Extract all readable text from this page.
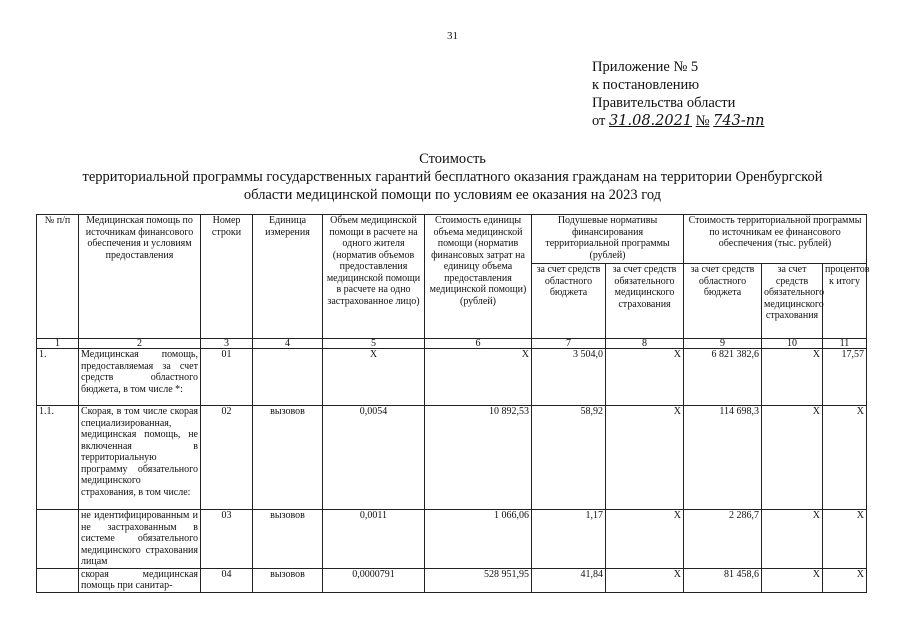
31
Приложение № 5
к постановлению
Правительства области
от 31.08.2021 № 743-пп
Стоимость
территориальной программы государственных гарантий бесплатного оказания гражданам на территории Оренбургской
области медицинской помощи по условиям ее оказания на 2023 год
№ п/п	Медицинская помощь по источникам финансового обеспечения и условиям предоставления	Номер строки	Единица измерения	Объем медицинской помощи в расчете на одного жителя (норматив объемов предоставления медицинской помощи в расчете на одно застрахованное лицо)	Стоимость единицы объема медицинской помощи (норматив финансовых затрат на единицу объема предоставления медицинской помощи) (рублей)	Подушевые нормативы финансирования территориальной программы (рублей)		Стоимость территориальной программы по источникам ее финансового обеспечения (тыс. рублей)		
						за счет средств областного бюджета	за счет средств обязательного медицинского страхования	за счет средств областного бюджета	за счет средств обязательного медицинского страхования	процентов к итогу
1	2	3	4	5	6	7	8	9	10	11
1.	Медицинская помощь, предоставляемая за счет средств областного бюджета, в том числе *:	01		Х	Х	3 504,0	Х	6 821 382,6	Х	17,57
1.1.	Скорая, в том числе скорая специализированная, медицинская помощь, не включенная в территориальную программу обязательного медицинского страхования, в том числе:	02	вызовов	0,0054	10 892,53	58,92	Х	114 698,3	Х	Х
	не идентифицированным и не застрахованным в системе обязательного медицинского страхования лицам	03	вызовов	0,0011	1 066,06	1,17	Х	2 286,7	Х	Х
	скорая медицинская помощь при санитар-	04	вызовов	0,0000791	528 951,95	41,84	Х	81 458,6	Х	Х
